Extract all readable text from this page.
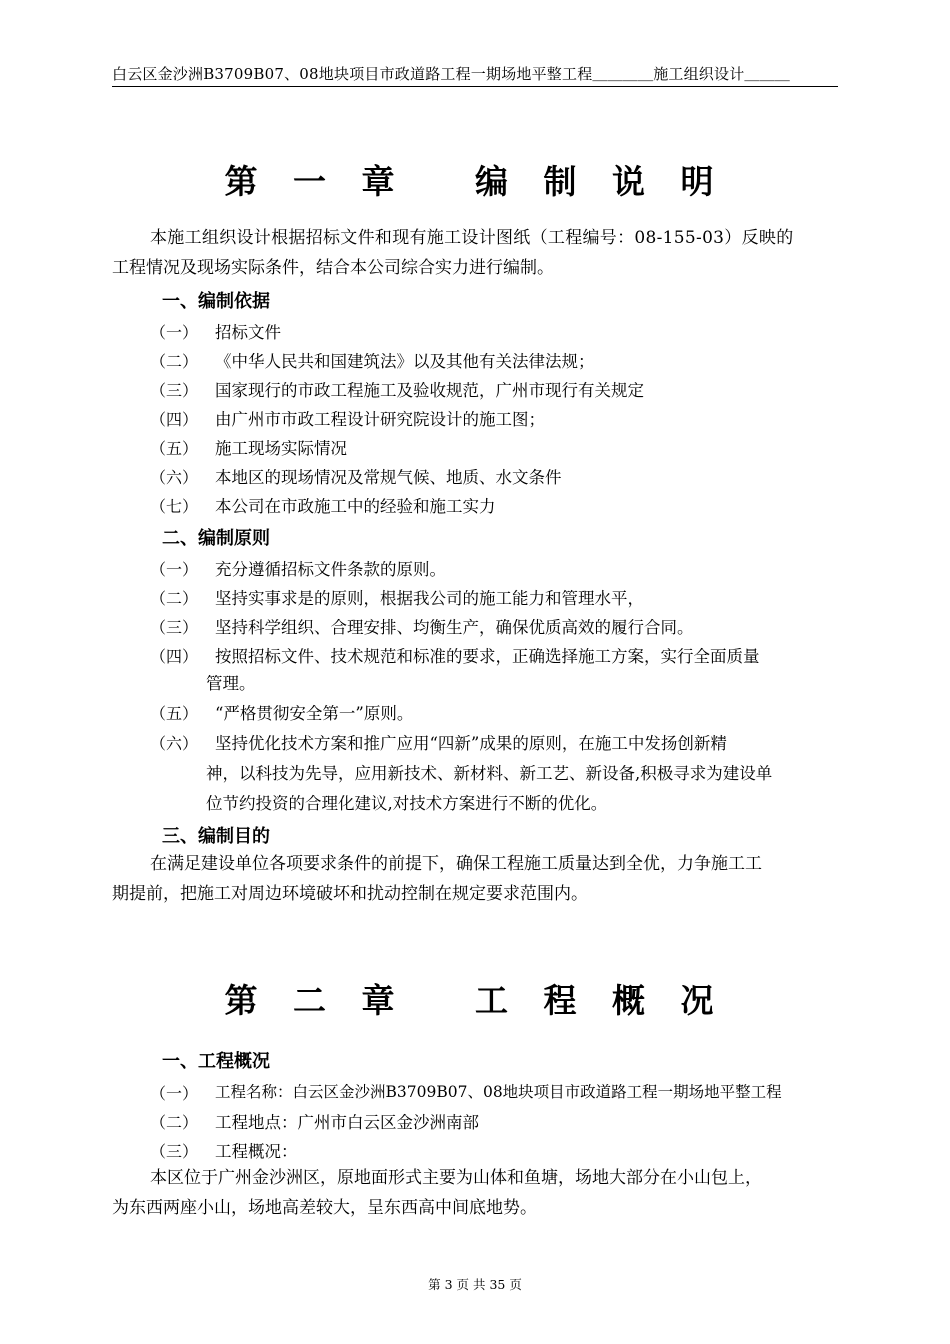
白云区金沙洲B3709B07、08地块项目市政道路工程一期场地平整工程＿＿＿＿施工组织设计＿＿＿
第 一 章　 编 制 说 明
本施工组织设计根据招标文件和现有施工设计图纸（工程编号：08-155-03）反映的
工程情况及现场实际条件，结合本公司综合实力进行编制。
一、编制依据
（一） 招标文件
（二） 《中华人民共和国建筑法》以及其他有关法律法规；
（三） 国家现行的市政工程施工及验收规范，广州市现行有关规定
（四） 由广州市市政工程设计研究院设计的施工图；
（五） 施工现场实际情况
（六） 本地区的现场情况及常规气候、地质、水文条件
（七） 本公司在市政施工中的经验和施工实力
二、编制原则
（一） 充分遵循招标文件条款的原则。
（二） 坚持实事求是的原则，根据我公司的施工能力和管理水平，
（三） 坚持科学组织、合理安排、均衡生产，确保优质高效的履行合同。
（四） 按照招标文件、技术规范和标准的要求，正确选择施工方案，实行全面质量
管理。
（五） “严格贯彻安全第一”原则。
（六） 坚持优化技术方案和推广应用“四新”成果的原则，在施工中发扬创新精
神，以科技为先导，应用新技术、新材料、新工艺、新设备,积极寻求为建设单
位节约投资的合理化建议,对技术方案进行不断的优化。
三、编制目的
在满足建设单位各项要求条件的前提下，确保工程施工质量达到全优，力争施工工
期提前，把施工对周边环境破坏和扰动控制在规定要求范围内。
第 二 章　 工 程 概 况
一、工程概况
（一） 工程名称：白云区金沙洲B3709B07、08地块项目市政道路工程一期场地平整工程
（二） 工程地点：广州市白云区金沙洲南部
（三） 工程概况：
本区位于广州金沙洲区，原地面形式主要为山体和鱼塘，场地大部分在小山包上，
为东西两座小山，场地高差较大，呈东西高中间底地势。
第 3 页 共 35 页
